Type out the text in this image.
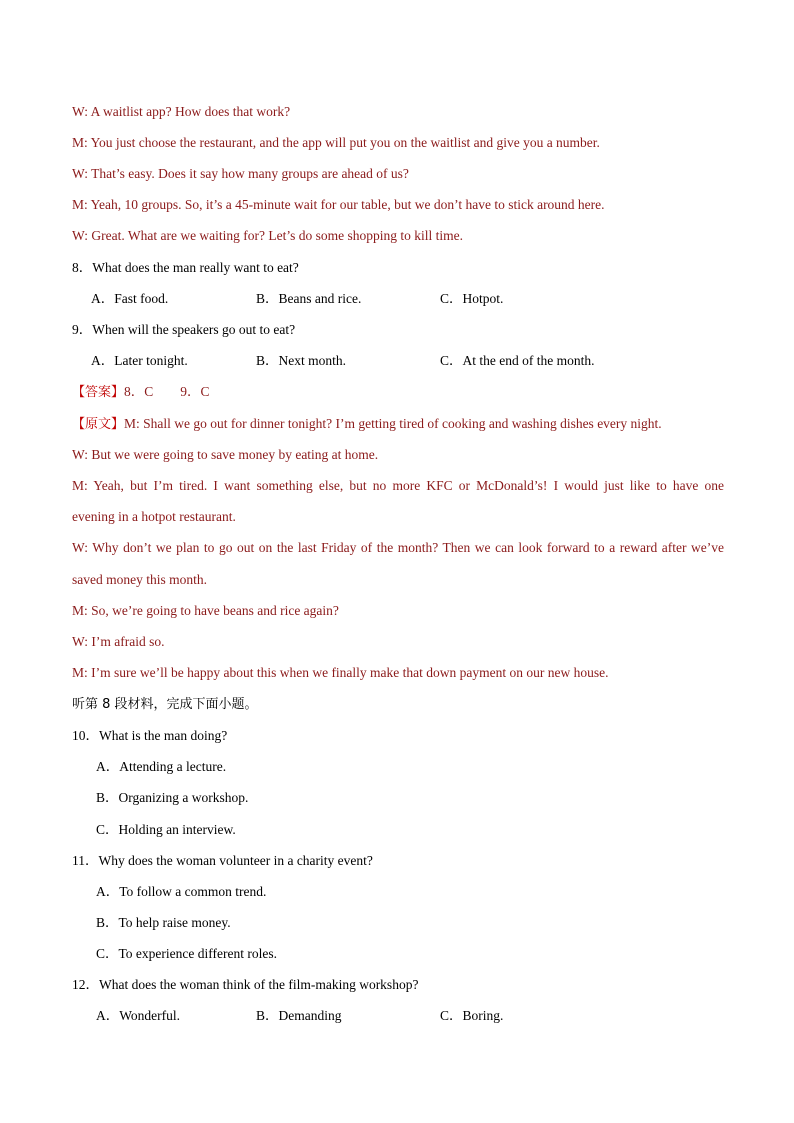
W: A waitlist app? How does that work?
M: You just choose the restaurant, and the app will put you on the waitlist and give you a number.
W: That’s easy. Does it say how many groups are ahead of us?
M: Yeah, 10 groups. So, it’s a 45-minute wait for our table, but we don’t have to stick around here.
W: Great. What are we waiting for? Let’s do some shopping to kill time.
8．What does the man really want to eat?
A．Fast food.	B．Beans and rice.	C．Hotpot.
9．When will the speakers go out to eat?
A．Later tonight.	B．Next month.	C．At the end of the month.
【答案】8．C　　9．C
【原文】M: Shall we go out for dinner tonight? I’m getting tired of cooking and washing dishes every night.
W: But we were going to save money by eating at home.
M: Yeah, but I’m tired. I want something else, but no more KFC or McDonald’s! I would just like to have one
evening in a hotpot restaurant.
W: Why don’t we plan to go out on the last Friday of the month? Then we can look forward to a reward after we’ve
saved money this month.
M: So, we’re going to have beans and rice again?
W: I’m afraid so.
M: I’m sure we’ll be happy about this when we finally make that down payment on our new house.
听第 8 段材料，完成下面小题。
10．What is the man doing?
A．Attending a lecture.
B．Organizing a workshop.
C．Holding an interview.
11．Why does the woman volunteer in a charity event?
A．To follow a common trend.
B．To help raise money.
C．To experience different roles.
12．What does the woman think of the film-making workshop?
A．Wonderful.	B．Demanding	C．Boring.
